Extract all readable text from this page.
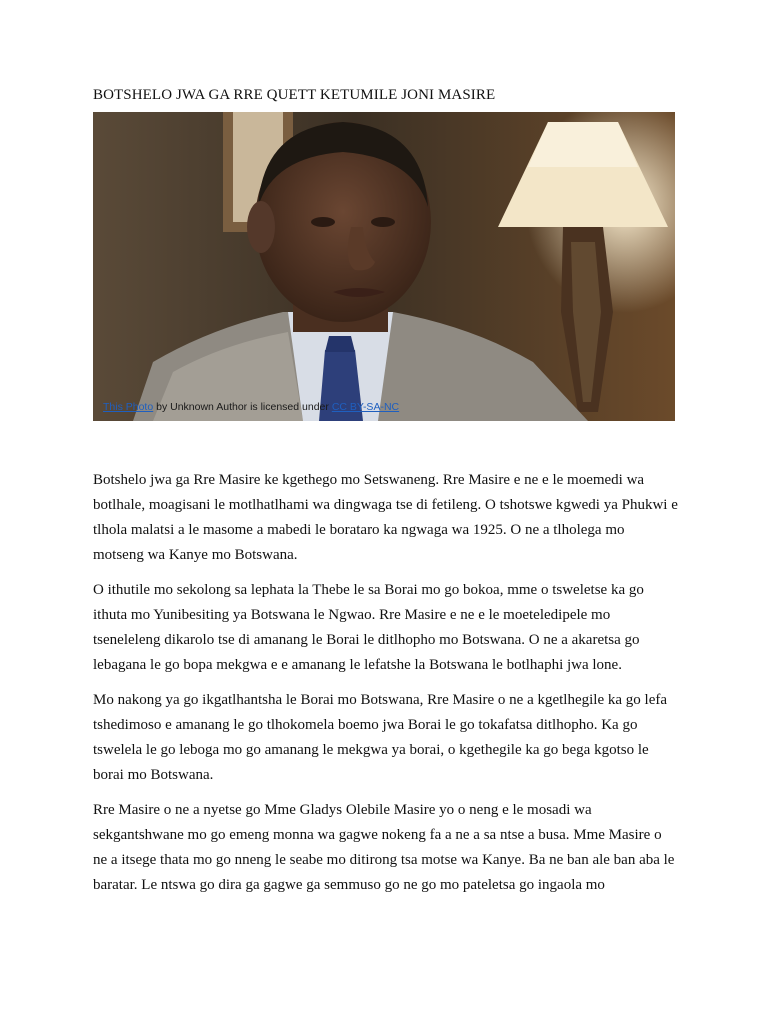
BOTSHELO JWA GA RRE QUETT KETUMILE JONI MASIRE
This Photo by Unknown Author is licensed under CC BY-SA-NC

Botshelo jwa ga Rre Masire ke kgethego mo Setswaneng. Rre Masire e ne e le moemedi wa botlhale, moagisani le motlhatlhami wa dingwaga tse di fetileng. O tshotswe kgwedi ya Phukwi e tlhola malatsi a le masome a mabedi le borataro ka ngwaga wa 1925. O ne a tlholega mo motseng wa Kanye mo Botswana.

O ithutile mo sekolong sa lephata la Thebe le sa Borai mo go bokoa, mme o tsweletse ka go ithuta mo Yunibesiting ya Botswana le Ngwao. Rre Masire e ne e le moeteledipele mo tseneleleng dikarolo tse di amanang le Borai le ditlhopho mo Botswana. O ne a akaretsa go lebagana le go bopa mekgwa e e amanang le lefatshe la Botswana le botlhaphi jwa lone.

Mo nakong ya go ikgatlhantsha le Borai mo Botswana, Rre Masire o ne a kgetlhegile ka go lefa tshedimoso e amanang le go tlhokomela boemo jwa Borai le go tokafatsa ditlhopho. Ka go tswelela le go leboga mo go amanang le mekgwa ya borai, o kgethegile ka go bega kgotso le borai mo Botswana.

Rre Masire o ne a nyetse go Mme Gladys Olebile Masire yo o neng e le mosadi wa sekgantshwane mo go emeng monna wa gagwe nokeng fa a ne a sa ntse a busa. Mme Masire o ne a itsege thata mo go nneng le seabe mo ditirong tsa motse wa Kanye. Ba ne ban ale ban aba le baratar. Le ntswa go dira ga gagwe ga semmuso go ne go mo pateletsa go ingaola mo
